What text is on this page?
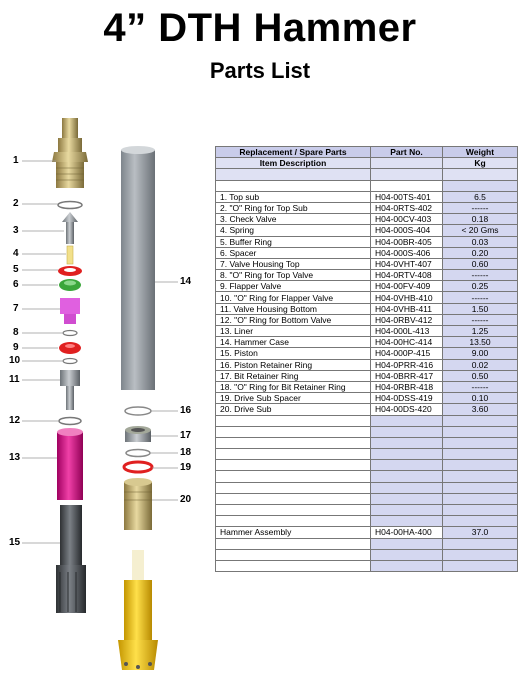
4” DTH Hammer
Parts List
1
2
3
4
5
6
7
8
9
10
11
12
13
14
15
16
17
18
19
20
Replacement / Spare Parts	Part No.	Weight
Item Description		Kg

1. Top sub	H04-00TS-401	6.5
2. "O" Ring for Top Sub	H04-0RTS-402	------
3. Check Valve	H04-00CV-403	0.18
4. Spring	H04-000S-404	< 20 Gms
5. Buffer Ring	H04-00BR-405	0.03
6. Spacer	H04-000S-406	0.20
7. Valve Housing Top	H04-0VHT-407	0.60
8. "O" Ring for Top Valve	H04-0RTV-408	------
9. Flapper Valve	H04-00FV-409	0.25
10. "O" Ring for Flapper Valve	H04-0VHB-410	------
11. Valve Housing Bottom	H04-0VHB-411	1.50
12. "O" Ring for Bottom Valve	H04-0RBV-412	------
13. Liner	H04-000L-413	1.25
14. Hammer Case	H04-00HC-414	13.50
15. Piston	H04-000P-415	9.00
16. Piston Retainer Ring	H04-0PRR-416	0.02
17. Bit Retainer Ring	H04-0BRR-417	0.50
18. "O" Ring for Bit Retainer Ring	H04-0RBR-418	------
19. Drive Sub Spacer	H04-0DSS-419	0.10
20. Drive Sub	H04-00DS-420	3.60

Hammer Assembly	H04-00HA-400	37.0
